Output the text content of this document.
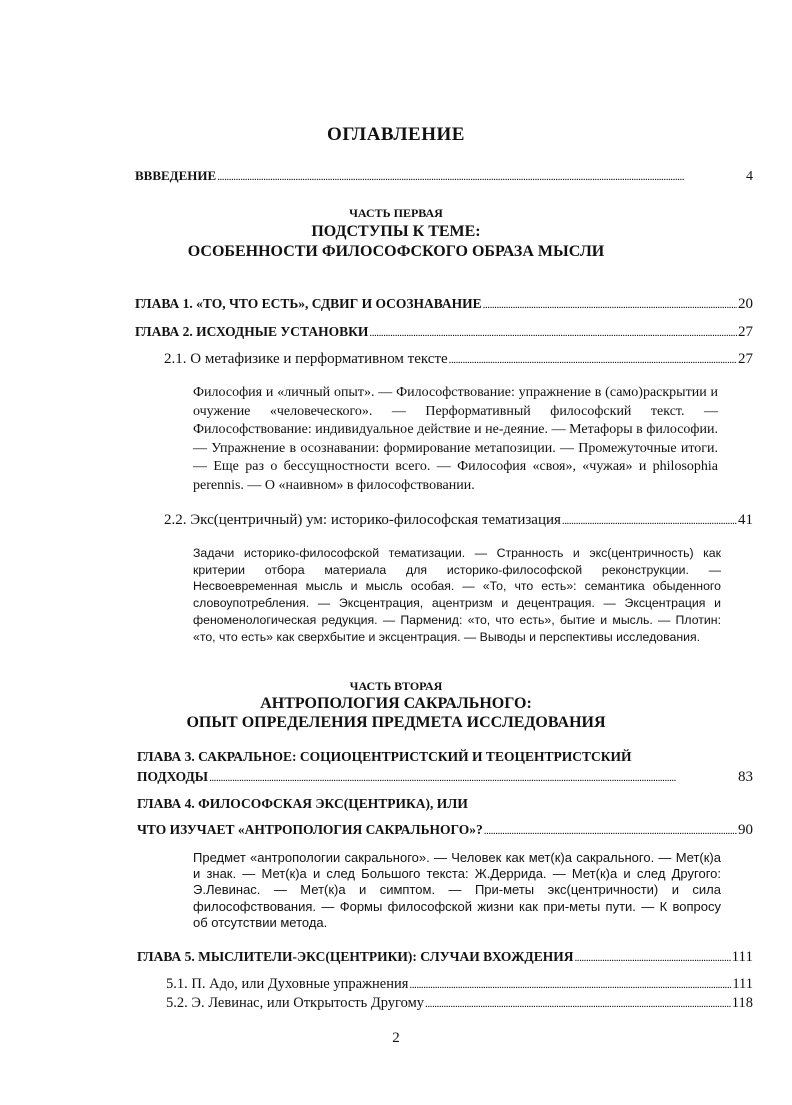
ОГЛАВЛЕНИЕ
ВВВЕДЕНИЕ . . .	4
ЧАСТЬ ПЕРВАЯ
ПОДСТУПЫ К ТЕМЕ:
ОСОБЕННОСТИ ФИЛОСОФСКОГО ОБРАЗА МЫСЛИ
ГЛАВА 1. «ТО, ЧТО ЕСТЬ», СДВИГ И ОСОЗНАВАНИЕ . . .	20
ГЛАВА 2. ИСХОДНЫЕ УСТАНОВКИ . . .	27
2.1. О метафизике и перформативном тексте . . .	27

Философия и «личный опыт». — Философствование: упражнение в (само)раскрытии и очужение «человеческого». — Перформативный философский текст. — Философствование: индивидуальное действие и не-деяние. — Метафоры в философии. — Упражнение в осознавании: формирование метапозиции. — Промежуточные итоги. — Еще раз о бессущностности всего. — Философия «своя», «чужая» и philosophia perennis. — О «наивном» в философствовании.

2.2. Экс(центричный) ум: историко-философская тематизация . . .	41

Задачи историко-философской тематизации. — Странность и экс(центричность) как критерии отбора материала для историко-философской реконструкции. — Несвоевременная мысль и мысль особая. — «То, что есть»: семантика обыденного словоупотребления. — Эксцентрация, ацентризм и децентрация. — Эксцентрация и феноменологическая редукция. — Парменид: «то, что есть», бытие и мысль. — Плотин: «то, что есть» как сверхбытие и эксцентрация. — Выводы и перспективы исследования.

ЧАСТЬ ВТОРАЯ
АНТРОПОЛОГИЯ САКРАЛЬНОГО:
ОПЫТ ОПРЕДЕЛЕНИЯ ПРЕДМЕТА ИССЛЕДОВАНИЯ
ГЛАВА 3. САКРАЛЬНОЕ: СОЦИОЦЕНТРИСТСКИЙ И ТЕОЦЕНТРИСТСКИЙ
ПОДХОДЫ . . .	83
ГЛАВА 4. ФИЛОСОФСКАЯ ЭКС(ЦЕНТРИКА), ИЛИ
ЧТО ИЗУЧАЕТ «АНТРОПОЛОГИЯ САКРАЛЬНОГО»? . . .	90

Предмет «антропологии сакрального». — Человек как мет(к)а сакрального. — Мет(к)а и знак. — Мет(к)а и след Большого текста: Ж.Деррида. — Мет(к)а и след Другого: Э.Левинас. — Мет(к)а и симптом. — При-меты экс(центричности) и сила философствования. — Формы философской жизни как при-меты пути. — К вопросу об отсутствии метода.

ГЛАВА 5. МЫСЛИТЕЛИ-ЭКС(ЦЕНТРИКИ): СЛУЧАИ ВХОЖДЕНИЯ . . .	111
5.1. П. Адо, или Духовные упражнения . . .	111
5.2. Э. Левинас, или Открытость Другому . . .	118
2
